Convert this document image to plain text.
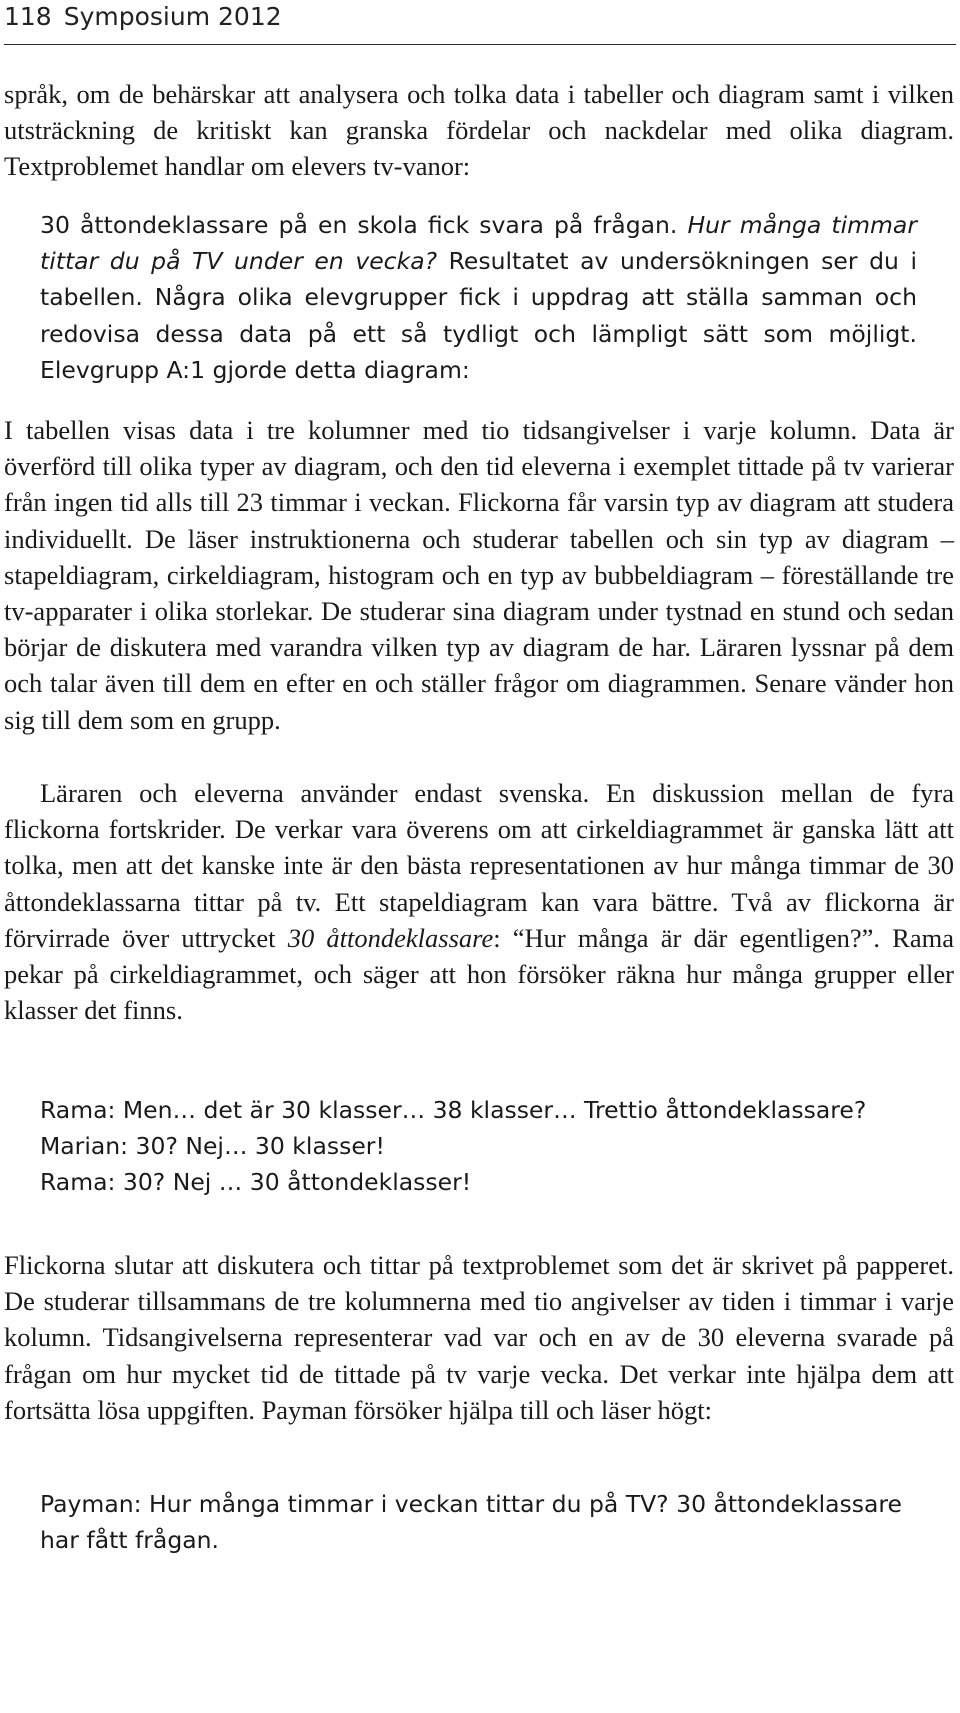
118 Symposium 2012

språk, om de behärskar att analysera och tolka data i tabeller och diagram samt i vilken utsträckning de kritiskt kan granska fördelar och nackdelar med olika diagram. Textproblemet handlar om elevers tv-vanor:

30 åttondeklassare på en skola fick svara på frågan. Hur många timmar tittar du på TV under en vecka? Resultatet av undersökningen ser du i tabellen. Några olika elevgrupper fick i uppdrag att ställa samman och redovisa dessa data på ett så tydligt och lämpligt sätt som möjligt. Elevgrupp A:1 gjorde detta diagram:

I tabellen visas data i tre kolumner med tio tidsangivelser i varje kolumn. Data är överförd till olika typer av diagram, och den tid eleverna i exemplet tittade på tv varierar från ingen tid alls till 23 timmar i veckan. Flickorna får varsin typ av diagram att studera individuellt. De läser instruktionerna och studerar tabellen och sin typ av diagram – stapeldiagram, cirkeldiagram, histogram och en typ av bubbeldiagram – föreställande tre tv-apparater i olika storlekar. De studerar sina diagram under tystnad en stund och sedan börjar de diskutera med varandra vilken typ av diagram de har. Läraren lyssnar på dem och talar även till dem en efter en och ställer frågor om diagrammen. Senare vänder hon sig till dem som en grupp.

Läraren och eleverna använder endast svenska. En diskussion mellan de fyra flickorna fortskrider. De verkar vara överens om att cirkeldiagrammet är ganska lätt att tolka, men att det kanske inte är den bästa representationen av hur många timmar de 30 åttondeklassarna tittar på tv. Ett stapeldiagram kan vara bättre. Två av flickorna är förvirrade över uttrycket 30 åttondeklassare: “Hur många är där egentligen?”. Rama pekar på cirkeldiagrammet, och säger att hon försöker räkna hur många grupper eller klasser det finns.

Rama: Men… det är 30 klasser… 38 klasser… Trettio åttondeklassare?
Marian: 30? Nej… 30 klasser!
Rama: 30? Nej … 30 åttondeklasser!

Flickorna slutar att diskutera och tittar på textproblemet som det är skrivet på papperet. De studerar tillsammans de tre kolumnerna med tio angivelser av tiden i timmar i varje kolumn. Tidsangivelserna representerar vad var och en av de 30 eleverna svarade på frågan om hur mycket tid de tittade på tv varje vecka. Det verkar inte hjälpa dem att fortsätta lösa uppgiften. Payman försöker hjälpa till och läser högt:

Payman: Hur många timmar i veckan tittar du på TV? 30 åttondeklassare har fått frågan.
